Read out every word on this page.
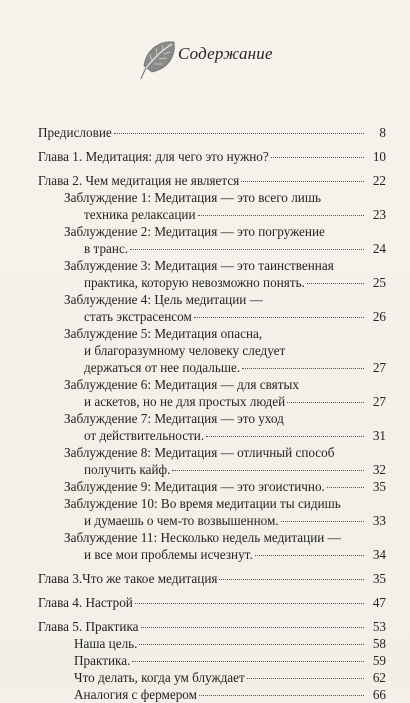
Содержание
Предисловие	8
Глава 1. Медитация: для чего это нужно?	10
Глава 2. Чем медитация не является	22
Заблуждение 1: Медитация — это всего лишь
техника релаксации	23
Заблуждение 2: Медитация — это погружение
в транс.	24
Заблуждение 3: Медитация — это таинственная
практика, которую невозможно понять.	25
Заблуждение 4: Цель медитации —
стать экстрасенсом	26
Заблуждение 5: Медитация опасна,
и благоразумному человеку следует
держаться от нее подальше.	27
Заблуждение 6: Медитация — для святых
и аскетов, но не для простых людей	27
Заблуждение 7: Медитация — это уход
от действительности.	31
Заблуждение 8: Медитация — отличный способ
получить кайф.	32
Заблуждение 9: Медитация — это эгоистично.	35
Заблуждение 10: Во время медитации ты сидишь
и думаешь о чем-то возвышенном.	33
Заблуждение 11: Несколько недель медитации —
и все мои проблемы исчезнут.	34
Глава 3.Что же такое медитация	35
Глава 4. Настрой	47
Глава 5. Практика	53
Наша цель.	58
Практика.	59
Что делать, когда ум блуждает	62
Аналогия с фермером	66
